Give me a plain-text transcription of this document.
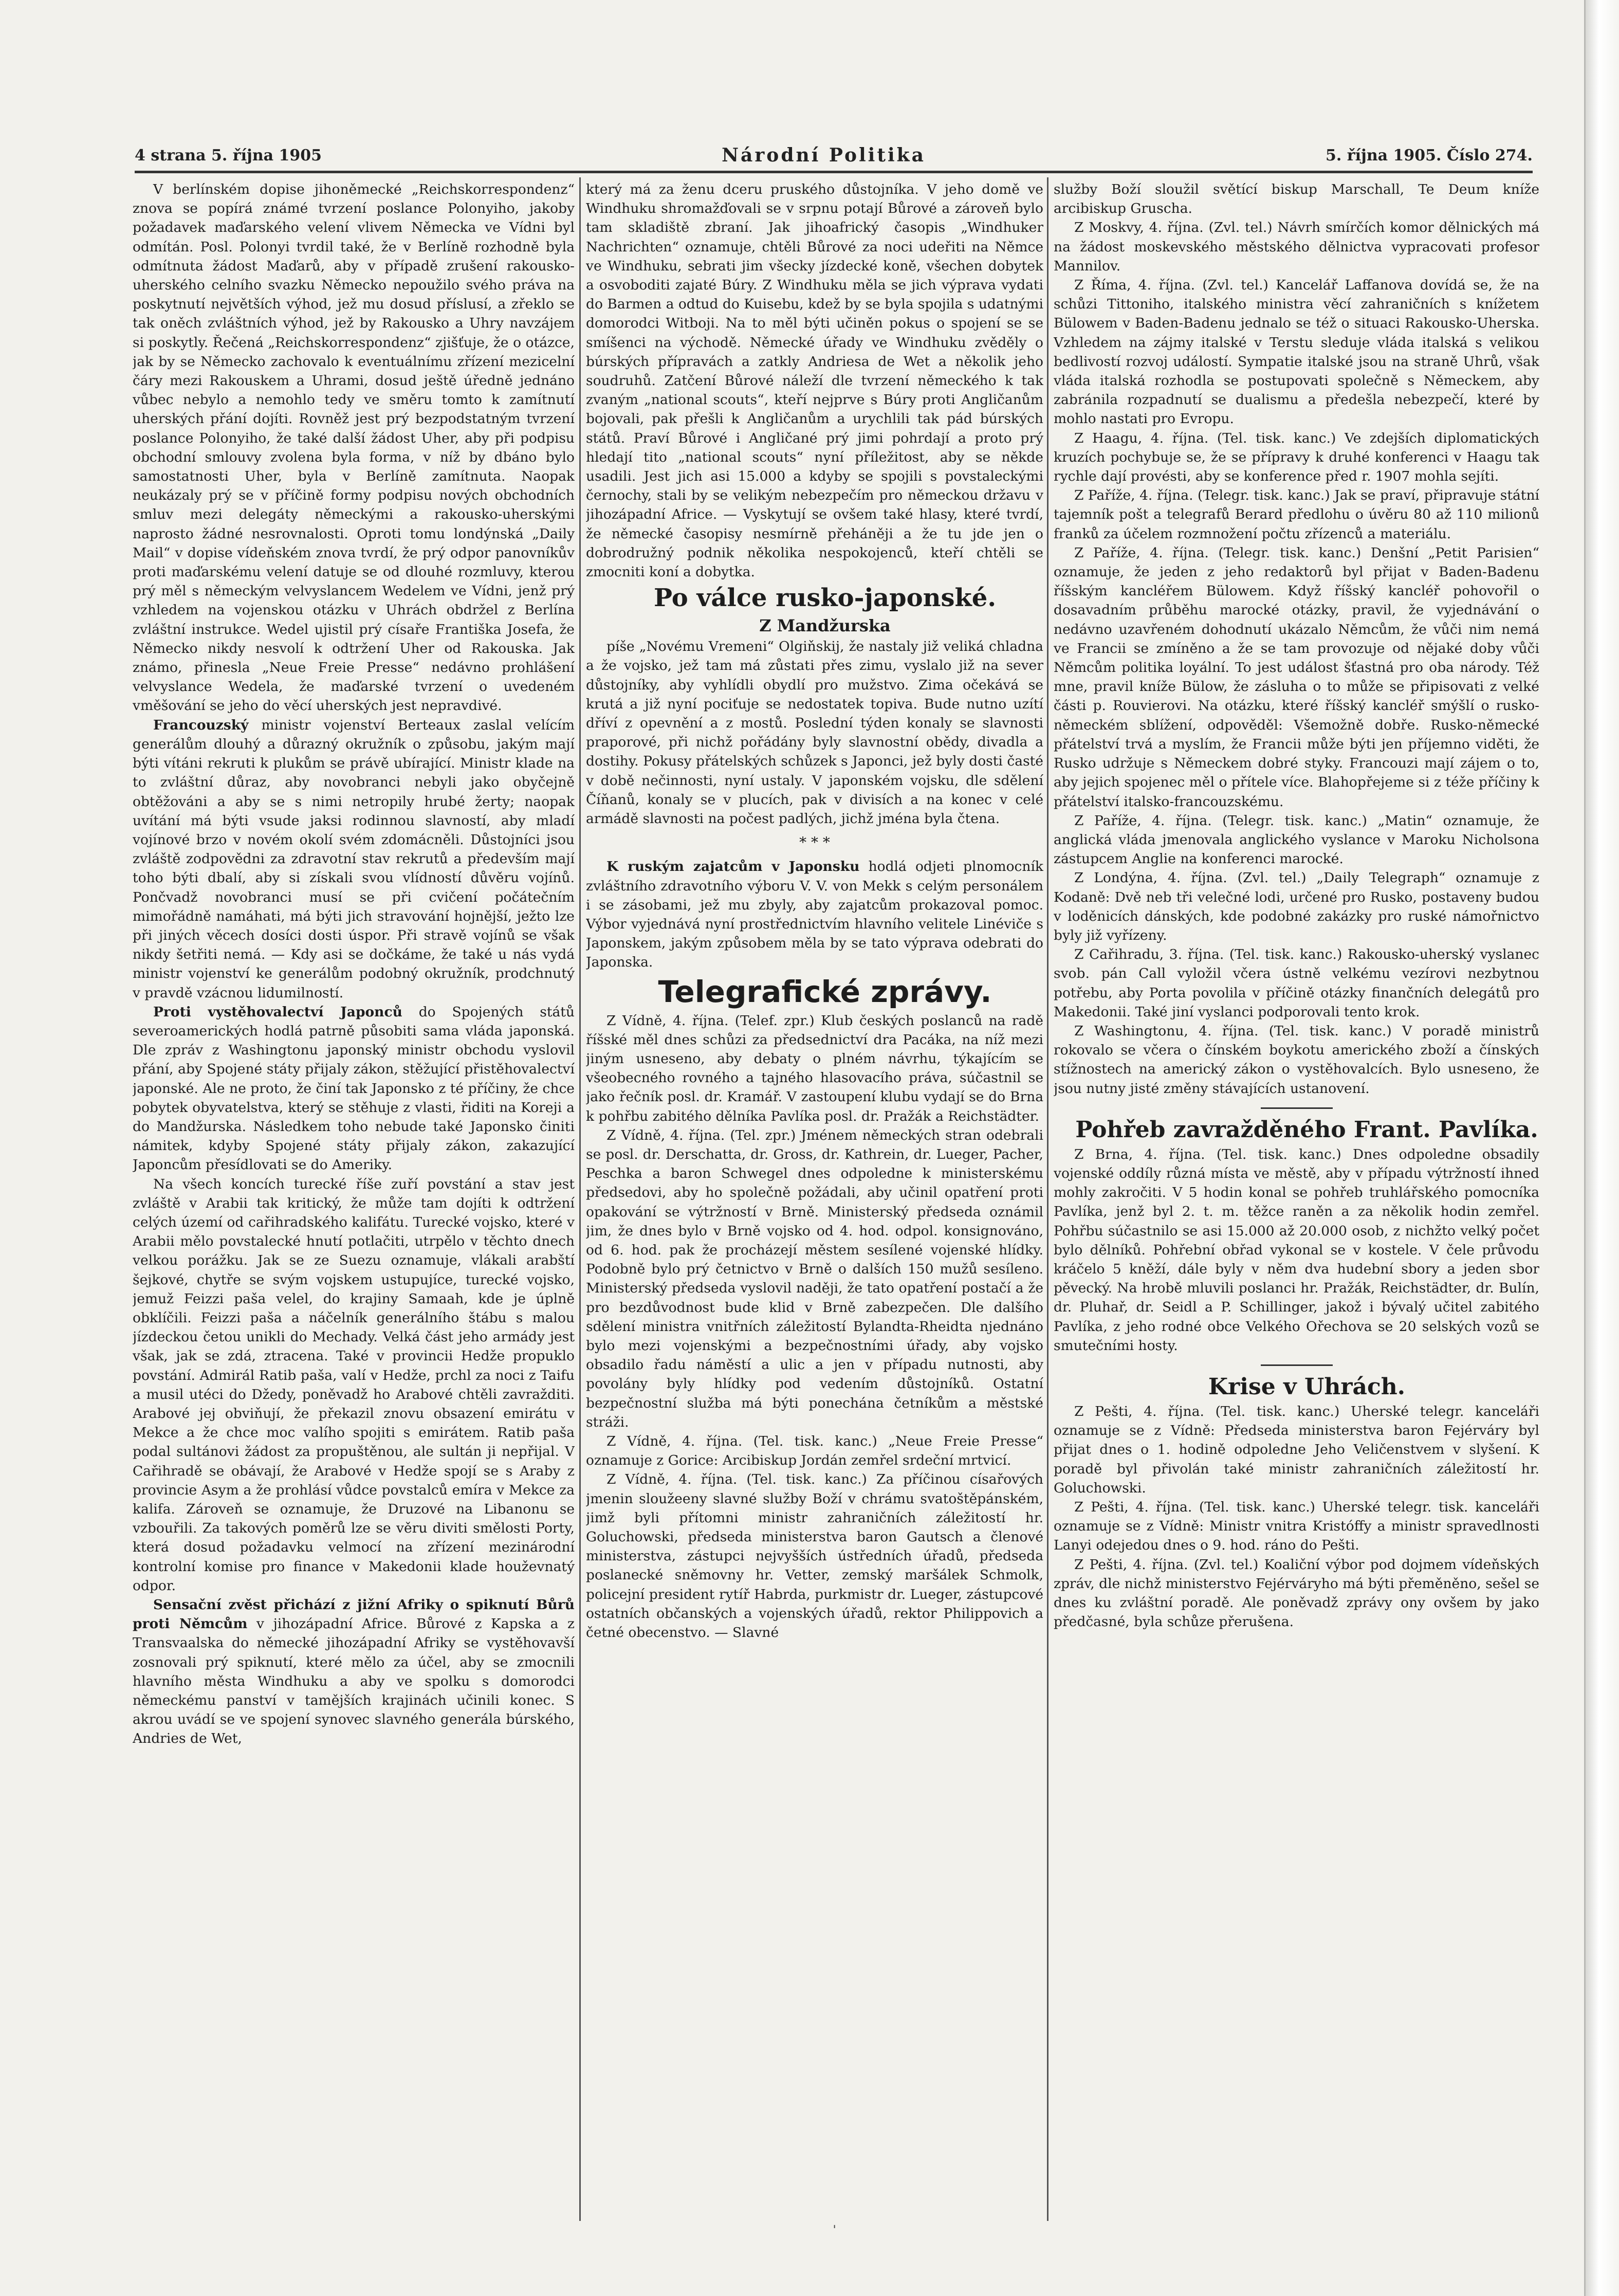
4 strana 5. října 1905	Národní Politika	5. října 1905. Číslo 274.

V berlínském dopise jihoněmecké „Reichskorrespondenz“ znova se popírá známé tvrzení poslance Polonyiho, jakoby požadavek maďarského velení vlivem Německa ve Vídni byl odmítán. Posl. Polonyi tvrdil také, že v Berlíně rozhodně byla odmítnuta žádost Maďarů, aby v případě zrušení rakousko-uherského celního svazku Německo nepoužilo svého práva na poskytnutí největších výhod, jež mu dosud příslusí, a zřeklo se tak oněch zvláštních výhod, jež by Rakousko a Uhry navzájem si poskytly. Řečená „Reichskorrespondenz“ zjišťuje, že o otázce, jak by se Německo zachovalo k eventuálnímu zřízení mezicelní čáry mezi Rakouskem a Uhrami, dosud ještě úředně jednáno vůbec nebylo a nemohlo tedy ve směru tomto k zamítnutí uherských přání dojíti. Rovněž jest prý bezpodstatným tvrzení poslance Polonyiho, že také další žádost Uher, aby při podpisu obchodní smlouvy zvolena byla forma, v níž by dbáno bylo samostatnosti Uher, byla v Berlíně zamítnuta. Naopak neukázaly prý se v příčině formy podpisu nových obchodních smluv mezi delegáty německými a rakousko-uherskými naprosto žádné nesrovnalosti. Oproti tomu londýnská „Daily Mail“ v dopise vídeňském znova tvrdí, že prý odpor panovníkův proti maďarskému velení datuje se od dlouhé rozmluvy, kterou prý měl s německým velvyslancem Wedelem ve Vídni, jenž prý vzhledem na vojenskou otázku v Uhrách obdržel z Berlína zvláštní instrukce. Wedel ujistil prý císaře Františka Josefa, že Německo nikdy nesvolí k odtržení Uher od Rakouska. Jak známo, přinesla „Neue Freie Presse“ nedávno prohlášení velvyslance Wedela, že maďarské tvrzení o uvedeném vměšování se jeho do věcí uherských jest nepravdivé.

Francouzský ministr vojenství Berteaux zaslal velícím generálům dlouhý a důrazný okružník o způsobu, jakým mají býti vítáni rekruti k plukům se právě ubírající. Ministr klade na to zvláštní důraz, aby novobranci nebyli jako obyčejně obtěžováni a aby se s nimi netropily hrubé žerty; naopak uvítání má býti vsude jaksi rodinnou slavností, aby mladí vojínové brzo v novém okolí svém zdomácněli. Důstojníci jsou zvláště zodpovědni za zdravotní stav rekrutů a především mají toho býti dbalí, aby si získali svou vlídností důvěru vojínů. Pončvadž novobranci musí se při cvičení počátečním mimořádně namáhati, má býti jich stravování hojnější, ježto lze při jiných věcech dosíci dosti úspor. Při stravě vojínů se však nikdy šetřiti nemá. — Kdy asi se dočkáme, že také u nás vydá ministr vojenství ke generálům podobný okružník, prodchnutý v pravdě vzácnou lidumilností.

Proti vystěhovalectví Japonců do Spojených států severoamerických hodlá patrně působiti sama vláda japonská. Dle zpráv z Washingtonu japonský ministr obchodu vyslovil přání, aby Spojené státy přijaly zákon, stěžující přistěhovalectví japonské. Ale ne proto, že činí tak Japonsko z té příčiny, že chce pobytek obyvatelstva, který se stěhuje z vlasti, řiditi na Koreji a do Mandžurska. Následkem toho nebude také Japonsko činiti námitek, kdyby Spojené státy přijaly zákon, zakazující Japoncům přesídlovati se do Ameriky.

Na všech koncích turecké říše zuří povstání a stav jest zvláště v Arabii tak kritický, že může tam dojíti k odtržení celých území od cařihradského kalifátu. Turecké vojsko, které v Arabii mělo povstalecké hnutí potlačiti, utrpělo v těchto dnech velkou porážku. Jak se ze Suezu oznamuje, vlákali arabští šejkové, chytře se svým vojskem ustupujíce, turecké vojsko, jemuž Feizzi paša velel, do krajiny Samaah, kde je úplně obklíčili. Feizzi paša a náčelník generálního štábu s malou jízdeckou četou unikli do Mechady. Velká část jeho armády jest však, jak se zdá, ztracena. Také v provincii Hedže propuklo povstání. Admirál Ratib paša, valí v Hedže, prchl za noci z Taifu a musil utéci do Džedy, poněvadž ho Arabové chtěli zavražditi. Arabové jej obviňují, že překazil znovu obsazení emirátu v Mekce a že chce moc valího spojiti s emirátem. Ratib paša podal sultánovi žádost za propuštěnou, ale sultán ji nepřijal. V Cařihradě se obávají, že Arabové v Hedže spojí se s Araby z provincie Asym a že prohlásí vůdce povstalců emíra v Mekce za kalifa. Zároveň se oznamuje, že Druzové na Libanonu se vzbouřili. Za takových poměrů lze se věru diviti smělosti Porty, která dosud požadavku velmocí na zřízení mezinárodní kontrolní komise pro finance v Makedonii klade houževnatý odpor.

Sensační zvěst přichází z jižní Afriky o spiknutí Bůrů proti Němcům v jihozápadní Africe. Bůrové z Kapska a z Transvaalska do německé jihozápadní Afriky se vystěhovavší zosnovali prý spiknutí, které mělo za účel, aby se zmocnili hlavního města Windhuku a aby ve spolku s domorodci německému panství v tamějších krajinách učinili konec. S akrou uvádí se ve spojení synovec slavného generála búrského, Andries de Wet,

který má za ženu dceru pruského důstojníka. V jeho domě ve Windhuku shromažďovali se v srpnu potají Bůrové a zároveň bylo tam skladiště zbraní. Jak jihoafrický časopis „Windhuker Nachrichten“ oznamuje, chtěli Bůrové za noci udeřiti na Němce ve Windhuku, sebrati jim všecky jízdecké koně, všechen dobytek a osvoboditi zajaté Búry. Z Windhuku měla se jich výprava vydati do Barmen a odtud do Kuisebu, kdež by se byla spojila s udatnými domorodci Witboji. Na to měl býti učiněn pokus o spojení se se smíšenci na východě. Německé úřady ve Windhuku zvěděly o búrských přípravách a zatkly Andriesa de Wet a několik jeho soudruhů. Zatčení Bůrové náleží dle tvrzení německého k tak zvaným „national scouts“, kteří nejprve s Búry proti Angličanům bojovali, pak přešli k Angličanům a urychlili tak pád búrských států. Praví Bůrové i Angličané prý jimi pohrdají a proto prý hledají tito „national scouts“ nyní příležitost, aby se někde usadili. Jest jich asi 15.000 a kdyby se spojili s povstaleckými černochy, stali by se velikým nebezpečím pro německou državu v jihozápadní Africe. — Vyskytují se ovšem také hlasy, které tvrdí, že německé časopisy nesmírně přeháněji a že tu jde jen o dobrodružný podnik několika nespokojenců, kteří chtěli se zmocniti koní a dobytka.

Po válce rusko-japonské.

Z Mandžurska

píše „Novému Vremeni“ Olgiňskij, že nastaly již veliká chladna a že vojsko, jež tam má zůstati přes zimu, vyslalo již na sever důstojníky, aby vyhlídli obydlí pro mužstvo. Zima očekává se krutá a již nyní pociťuje se nedostatek topiva. Bude nutno uzítí dříví z opevnění a z mostů. Poslední týden konaly se slavnosti praporové, při nichž pořádány byly slavnostní obědy, divadla a dostihy. Pokusy přátelských schůzek s Japonci, jež byly dosti časté v době nečinnosti, nyní ustaly. V japonském vojsku, dle sdělení Číňanů, konaly se v plucích, pak v divisích a na konec v celé armádě slavnosti na počest padlých, jichž jména byla čtena.

* * *

K ruským zajatcům v Japonsku hodlá odjeti plnomocník zvláštního zdravotního výboru V. V. von Mekk s celým personálem i se zásobami, jež mu zbyly, aby zajatcům prokazoval pomoc. Výbor vyjednává nyní prostřednictvím hlavního velitele Linéviče s Japonskem, jakým způsobem měla by se tato výprava odebrati do Japonska.

Telegrafické zprávy.

Z Vídně, 4. října. (Telef. zpr.) Klub českých poslanců na radě říšské měl dnes schůzi za předsednictví dra Pacáka, na níž mezi jiným usneseno, aby debaty o plném návrhu, týkajícím se všeobecného rovného a tajného hlasovacího práva, súčastnil se jako řečník posl. dr. Kramář. V zastoupení klubu vydají se do Brna k pohřbu zabitého dělníka Pavlíka posl. dr. Pražák a Reichstädter.

Z Vídně, 4. října. (Tel. zpr.) Jménem německých stran odebrali se posl. dr. Derschatta, dr. Gross, dr. Kathrein, dr. Lueger, Pacher, Peschka a baron Schwegel dnes odpoledne k ministerskému předsedovi, aby ho společně požádali, aby učinil opatření proti opakování se výtržností v Brně. Ministerský předseda oznámil jim, že dnes bylo v Brně vojsko od 4. hod. odpol. konsignováno, od 6. hod. pak že procházejí městem sesílené vojenské hlídky. Podobně bylo prý četnictvo v Brně o dalších 150 mužů sesíleno. Ministerský předseda vyslovil naději, že tato opatření postačí a že pro bezdůvodnost bude klid v Brně zabezpečen. Dle dalšího sdělení ministra vnitřních záležitostí Bylandta-Rheidta njednáno bylo mezi vojenskými a bezpečnostními úřady, aby vojsko obsadilo řadu náměstí a ulic a jen v případu nutnosti, aby povolány byly hlídky pod vedením důstojníků. Ostatní bezpečnostní služba má býti ponechána četníkům a městské stráži.

Z Vídně, 4. října. (Tel. tisk. kanc.) „Neue Freie Presse“ oznamuje z Gorice: Arcibiskup Jordán zemřel srdeční mrtvicí.

Z Vídně, 4. října. (Tel. tisk. kanc.) Za příčinou císařových jmenin sloužeeny slavné služby Boží v chrámu svatoštěpánském, jimž byli přítomni ministr zahraničních záležitostí hr. Goluchowski, předseda ministerstva baron Gautsch a členové ministerstva, zástupci nejvyšších ústředních úřadů, předseda poslanecké sněmovny hr. Vetter, zemský maršálek Schmolk, policejní president rytíř Habrda, purkmistr dr. Lueger, zástupcové ostatních občanských a vojenských úřadů, rektor Philippovich a četné obecenstvo. — Slavné

služby Boží sloužil světící biskup Marschall, Te Deum kníže arcibiskup Gruscha.

Z Moskvy, 4. října. (Zvl. tel.) Návrh smírčích komor dělnických má na žádost moskevského městského dělnictva vypracovati profesor Mannilov.

Z Říma, 4. října. (Zvl. tel.) Kancelář Laffanova dovídá se, že na schůzi Tittoniho, italského ministra věcí zahraničních s knížetem Bülowem v Baden-Badenu jednalo se též o situaci Rakousko-Uherska. Vzhledem na zájmy italské v Terstu sleduje vláda italská s velikou bedlivostí rozvoj událostí. Sympatie italské jsou na straně Uhrů, však vláda italská rozhodla se postupovati společně s Německem, aby zabránila rozpadnutí se dualismu a předešla nebezpečí, které by mohlo nastati pro Evropu.

Z Haagu, 4. října. (Tel. tisk. kanc.) Ve zdejších diplomatických kruzích pochybuje se, že se přípravy k druhé konferenci v Haagu tak rychle dají provésti, aby se konference před r. 1907 mohla sejíti.

Z Paříže, 4. října. (Telegr. tisk. kanc.) Jak se praví, připravuje státní tajemník pošt a telegrafů Berard předlohu o úvěru 80 až 110 milionů franků za účelem rozmnožení počtu zřízenců a materiálu.

Z Paříže, 4. října. (Telegr. tisk. kanc.) Denšní „Petit Parisien“ oznamuje, že jeden z jeho redaktorů byl přijat v Baden-Badenu říšským kancléřem Bülowem. Když říšský kancléř pohovořil o dosavadním průběhu marocké otázky, pravil, že vyjednávání o nedávno uzavřeném dohodnutí ukázalo Němcům, že vůči nim nemá ve Francii se zmíněno a že se tam provozuje od nějaké doby vůči Němcům politika loyální. To jest událost šťastná pro oba národy. Též mne, pravil kníže Bülow, že zásluha o to může se připisovati z velké části p. Rouvierovi. Na otázku, které říšský kancléř smýšlí o rusko-německém sblížení, odpověděl: Všemožně dobře. Rusko-německé přátelství trvá a myslím, že Francii může býti jen příjemno viděti, že Rusko udržuje s Německem dobré styky. Francouzi mají zájem o to, aby jejich spojenec měl o přítele více. Blahopřejeme si z téže příčiny k přátelství italsko-francouzskému.

Z Paříže, 4. října. (Telegr. tisk. kanc.) „Matin“ oznamuje, že anglická vláda jmenovala anglického vyslance v Maroku Nicholsona zástupcem Anglie na konferenci marocké.

Z Londýna, 4. října. (Zvl. tel.) „Daily Telegraph“ oznamuje z Kodaně: Dvě neb tři velečné lodi, určené pro Rusko, postaveny budou v loděnicích dánských, kde podobné zakázky pro ruské námořnictvo byly již vyřízeny.

Z Cařihradu, 3. října. (Tel. tisk. kanc.) Rakousko-uherský vyslanec svob. pán Call vyložil včera ústně velkému vezírovi nezbytnou potřebu, aby Porta povolila v příčině otázky finančních delegátů pro Makedonii. Také jiní vyslanci podporovali tento krok.

Z Washingtonu, 4. října. (Tel. tisk. kanc.) V poradě ministrů rokovalo se včera o čínském boykotu amerického zboží a čínských stížnostech na americký zákon o vystěhovalcích. Bylo usneseno, že jsou nutny jisté změny stávajících ustanovení.

Pohřeb zavražděného Frant. Pavlíka.

Z Brna, 4. října. (Tel. tisk. kanc.) Dnes odpoledne obsadily vojenské oddíly různá místa ve městě, aby v případu výtržností ihned mohly zakročiti. V 5 hodin konal se pohřeb truhlářského pomocníka Pavlíka, jenž byl 2. t. m. těžce raněn a za několik hodin zemřel. Pohřbu súčastnilo se asi 15.000 až 20.000 osob, z nichžto velký počet bylo dělníků. Pohřební obřad vykonal se v kostele. V čele průvodu kráčelo 5 kněží, dále byly v něm dva hudební sbory a jeden sbor pěvecký. Na hrobě mluvili poslanci hr. Pražák, Reichstädter, dr. Bulín, dr. Pluhař, dr. Seidl a P. Schillinger, jakož i bývalý učitel zabitého Pavlíka, z jeho rodné obce Velkého Ořechova se 20 selských vozů se smutečními hosty.

Krise v Uhrách.

Z Pešti, 4. října. (Tel. tisk. kanc.) Uherské telegr. kanceláři oznamuje se z Vídně: Předseda ministerstva baron Fejérváry byl přijat dnes o 1. hodině odpoledne Jeho Veličenstvem v slyšení. K poradě byl přivolán také ministr zahraničních záležitostí hr. Goluchowski.

Z Pešti, 4. října. (Tel. tisk. kanc.) Uherské telegr. tisk. kanceláři oznamuje se z Vídně: Ministr vnitra Kristóffy a ministr spravedlnosti Lanyi odejedou dnes o 9. hod. ráno do Pešti.

Z Pešti, 4. října. (Zvl. tel.) Koaliční výbor pod dojmem vídeňských zpráv, dle nichž ministerstvo Fejérváryho má býti přeměněno, sešel se dnes ku zvláštní poradě. Ale poněvadž zprávy ony ovšem by jako předčasné, byla schůze přerušena.

ˈ
